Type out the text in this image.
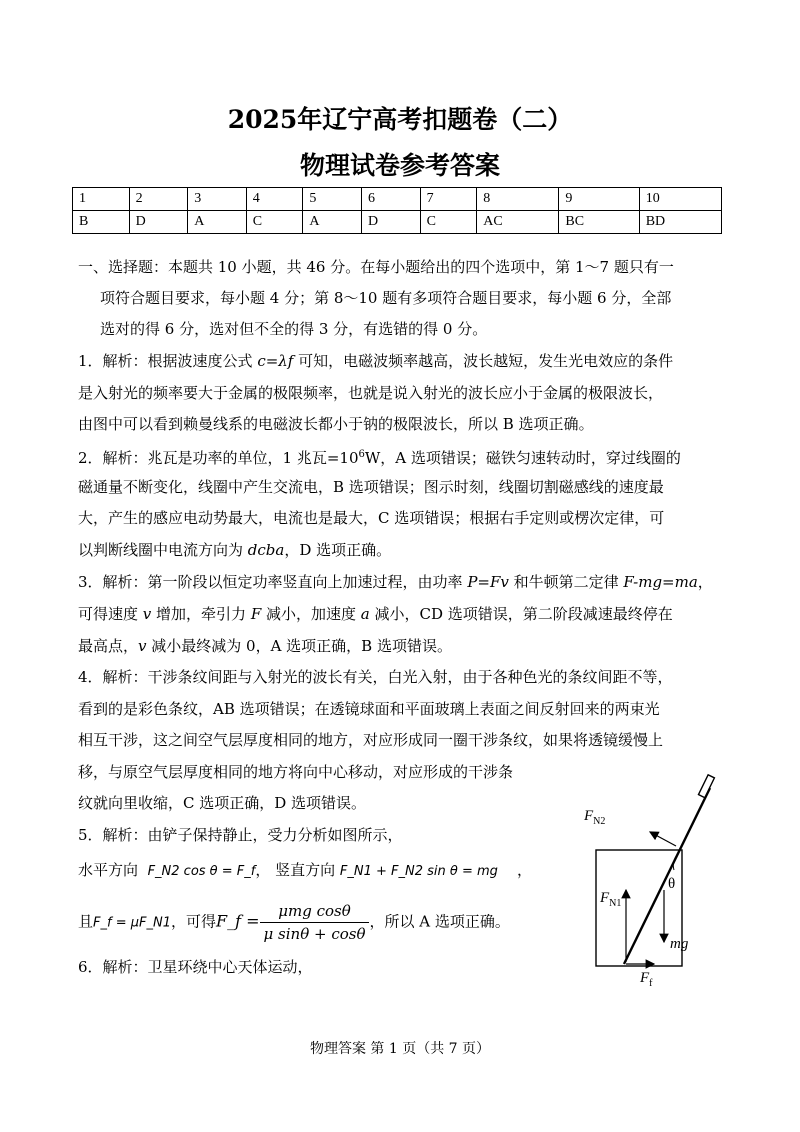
2025年辽宁高考扣题卷（二）
物理试卷参考答案
1	2	3	4	5	6	7	8	9	10
B	D	A	C	A	D	C	AC	BC	BD
一、选择题：本题共 10 小题，共 46 分。在每小题给出的四个选项中，第 1～7 题只有一
项符合题目要求，每小题 4 分；第 8～10 题有多项符合题目要求，每小题 6 分，全部
选对的得 6 分，选对但不全的得 3 分，有选错的得 0 分。
1．解析：根据波速度公式 c=λf 可知，电磁波频率越高，波长越短，发生光电效应的条件
是入射光的频率要大于金属的极限频率，也就是说入射光的波长应小于金属的极限波长，
由图中可以看到赖曼线系的电磁波长都小于钠的极限波长，所以 B 选项正确。
2．解析：兆瓦是功率的单位，1 兆瓦$=10^6W$，A 选项错误；磁铁匀速转动时，穿过线圈的
磁通量不断变化，线圈中产生交流电，B 选项错误；图示时刻，线圈切割磁感线的速度最
大，产生的感应电动势最大，电流也是最大，C 选项错误；根据右手定则或楞次定律，可
以判断线圈中电流方向为 dcba，D 选项正确。
3．解析：第一阶段以恒定功率竖直向上加速过程，由功率 P=Fv 和牛顿第二定律 F-mg=ma，
可得速度 v 增加，牵引力 F 减小，加速度 a 减小，CD 选项错误，第二阶段减速最终停在
最高点，v 减小最终减为 0，A 选项正确，B 选项错误。
4．解析：干涉条纹间距与入射光的波长有关，白光入射，由于各种色光的条纹间距不等，
看到的是彩色条纹，AB 选项错误；在透镜球面和平面玻璃上表面之间反射回来的两束光
相互干涉，这之间空气层厚度相同的地方，对应形成同一圈干涉条纹，如果将透镜缓慢上
移，与原空气层厚度相同的地方将向中心移动，对应形成的干涉条
纹就向里收缩，C 选项正确，D 选项错误。
5．解析：由铲子保持静止，受力分析如图所示，
水平方向 F_N2 cos θ = F_f， 竖直方向 F_N1 + F_N2 sin θ = mg ，
且F_f = μF_N1，可得F_f = $\frac{\text{μmg cosθ}}{\text{μ sinθ + cosθ}}$ ，所以 A 选项正确。
6．解析：卫星环绕中心天体运动，
$F_{N2}$
$F_{N1}$
θ
mg
$F_f$
物理答案 第 1 页（共 7 页）
